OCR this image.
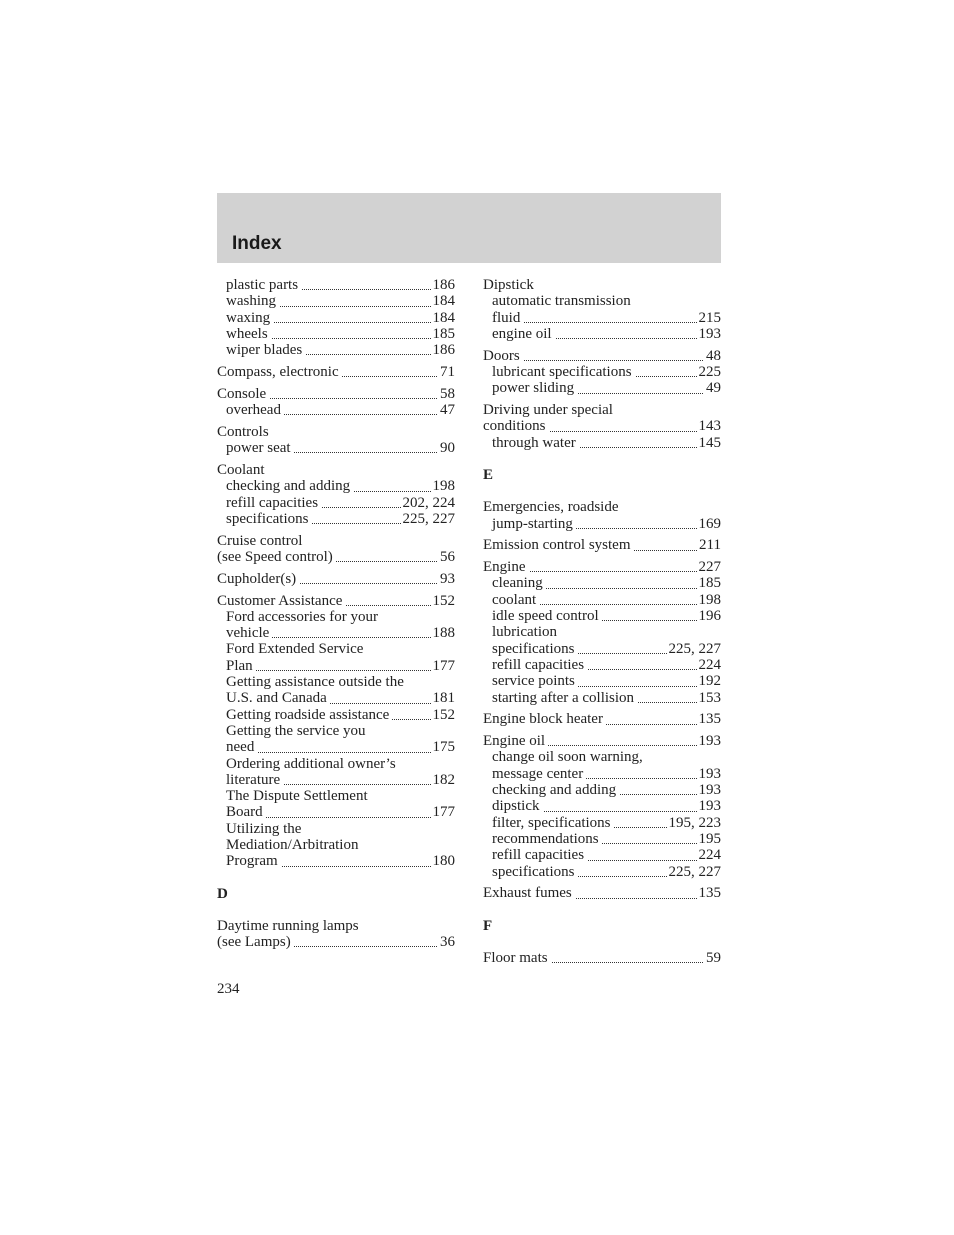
Index
plastic parts	186
washing	184
waxing	184
wheels	185
wiper blades	186
Compass, electronic	71
Console	58
overhead	47
Controls
power seat	90
Coolant
checking and adding	198
refill capacities	202, 224
specifications	225, 227
Cruise control
(see Speed control)	56
Cupholder(s)	93
Customer Assistance	152
Ford accessories for your
vehicle	188
Ford Extended Service
Plan	177
Getting assistance outside the
U.S. and Canada	181
Getting roadside assistance	152
Getting the service you
need	175
Ordering additional owner’s
literature	182
The Dispute Settlement
Board	177
Utilizing the
Mediation/Arbitration
Program	180
D
Daytime running lamps
(see Lamps)	36
Dipstick
automatic transmission
fluid	215
engine oil	193
Doors	48
lubricant specifications	225
power sliding	49
Driving under special
conditions	143
through water	145
E
Emergencies, roadside
jump-starting	169
Emission control system	211
Engine	227
cleaning	185
coolant	198
idle speed control	196
lubrication
specifications	225, 227
refill capacities	224
service points	192
starting after a collision	153
Engine block heater	135
Engine oil	193
change oil soon warning,
message center	193
checking and adding	193
dipstick	193
filter, specifications	195, 223
recommendations	195
refill capacities	224
specifications	225, 227
Exhaust fumes	135
F
Floor mats	59
234
